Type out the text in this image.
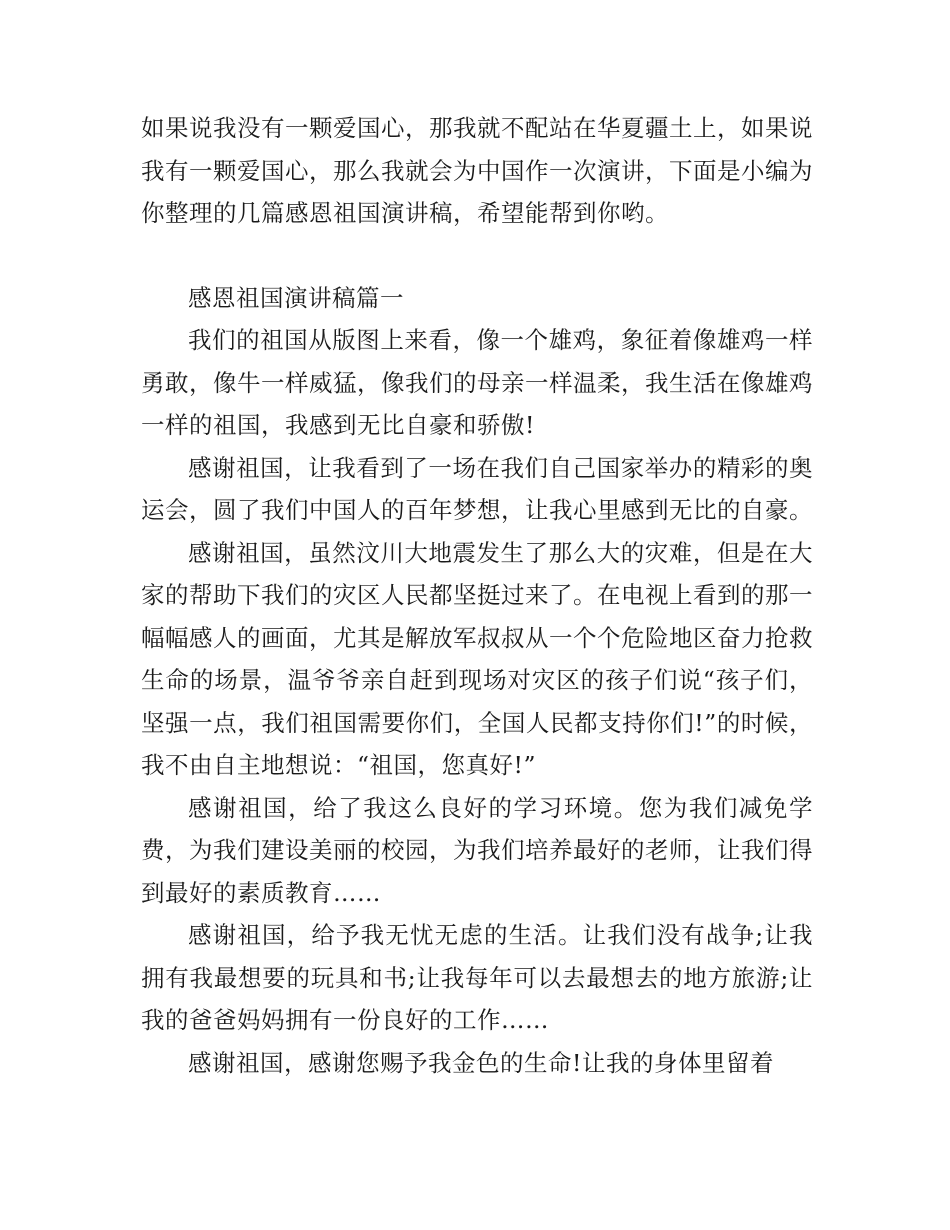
如果说我没有一颗爱国心，那我就不配站在华夏疆土上，如果说我有一颗爱国心，那么我就会为中国作一次演讲，下面是小编为你整理的几篇感恩祖国演讲稿，希望能帮到你哟。

感恩祖国演讲稿篇一

我们的祖国从版图上来看，像一个雄鸡，象征着像雄鸡一样勇敢，像牛一样威猛，像我们的母亲一样温柔，我生活在像雄鸡一样的祖国，我感到无比自豪和骄傲!

感谢祖国，让我看到了一场在我们自己国家举办的精彩的奥运会，圆了我们中国人的百年梦想，让我心里感到无比的自豪。

感谢祖国，虽然汶川大地震发生了那么大的灾难，但是在大家的帮助下我们的灾区人民都坚挺过来了。在电视上看到的那一幅幅感人的画面，尤其是解放军叔叔从一个个危险地区奋力抢救生命的场景，温爷爷亲自赶到现场对灾区的孩子们说“孩子们，坚强一点，我们祖国需要你们，全国人民都支持你们!”的时候，我不由自主地想说：“祖国，您真好!”

感谢祖国，给了我这么良好的学习环境。您为我们减免学费，为我们建设美丽的校园，为我们培养最好的老师，让我们得到最好的素质教育……

感谢祖国，给予我无忧无虑的生活。让我们没有战争;让我拥有我最想要的玩具和书;让我每年可以去最想去的地方旅游;让我的爸爸妈妈拥有一份良好的工作……

感谢祖国，感谢您赐予我金色的生命!让我的身体里留着
